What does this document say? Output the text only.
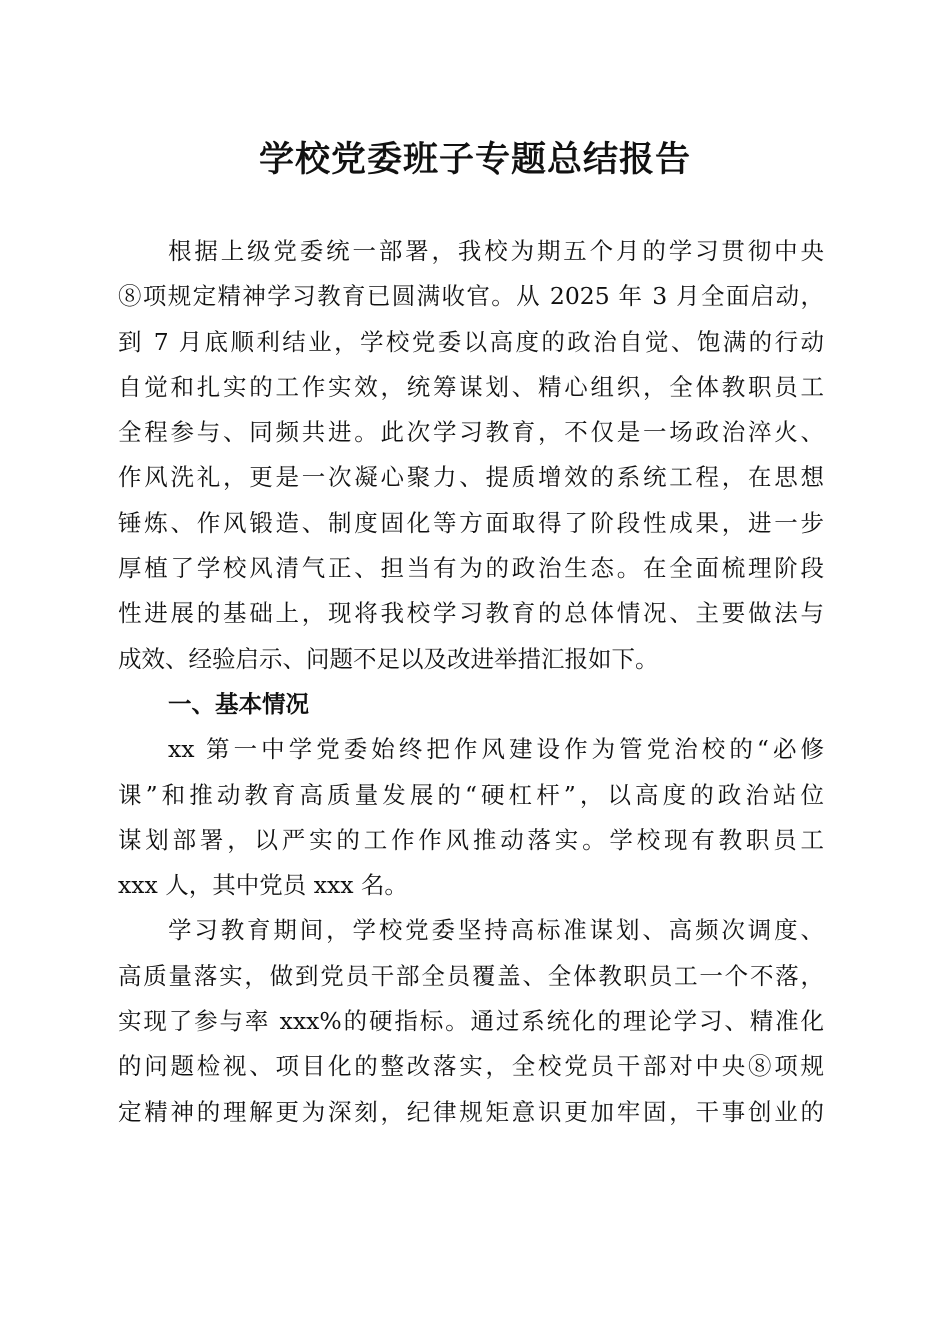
学校党委班子专题总结报告
根据上级党委统一部署，我校为期五个月的学习贯彻中央
⑧项规定精神学习教育已圆满收官。从 2025 年 3 月全面启动，
到 7 月底顺利结业，学校党委以高度的政治自觉、饱满的行动
自觉和扎实的工作实效，统筹谋划、精心组织，全体教职员工
全程参与、同频共进。此次学习教育，不仅是一场政治淬火、
作风洗礼，更是一次凝心聚力、提质增效的系统工程，在思想
锤炼、作风锻造、制度固化等方面取得了阶段性成果，进一步
厚植了学校风清气正、担当有为的政治生态。在全面梳理阶段
性进展的基础上，现将我校学习教育的总体情况、主要做法与
成效、经验启示、问题不足以及改进举措汇报如下。
一、基本情况
xx 第一中学党委始终把作风建设作为管党治校的“必修
课”和推动教育高质量发展的“硬杠杆”，以高度的政治站位
谋划部署，以严实的工作作风推动落实。学校现有教职员工
xxx 人，其中党员 xxx 名。
学习教育期间，学校党委坚持高标准谋划、高频次调度、
高质量落实，做到党员干部全员覆盖、全体教职员工一个不落，
实现了参与率 xxx%的硬指标。通过系统化的理论学习、精准化
的问题检视、项目化的整改落实，全校党员干部对中央⑧项规
定精神的理解更为深刻，纪律规矩意识更加牢固，干事创业的
